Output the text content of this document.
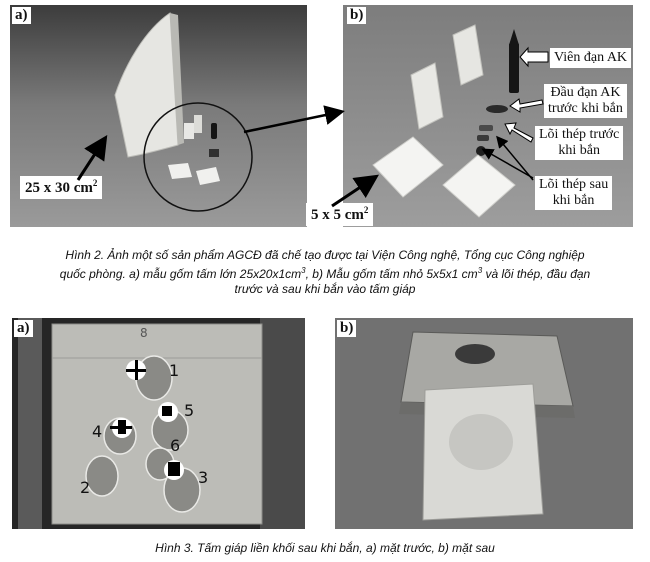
a)
25 x 30 $cm^2$
b)
Viên đạn AK
Đầu đạn AK
trước khi bắn
Lõi thép trước
khi bắn
Lõi thép sau
khi bắn
5 x 5 $cm^2$
Hình 2. Ảnh một số sản phẩm AGCĐ đã chế tạo được tại Viện Công nghệ, Tổng cục Công nghiệp
quốc phòng. a) mẫu gốm tấm lớn $25x20x1cm^3$, b) Mẫu gốm tấm nhỏ 5x5x1 $cm^3$ và lõi thép, đầu đạn
trước và sau khi bắn vào tấm giáp
1
5
4
6
2
3
8
a)	b)
Hình 3. Tấm giáp liền khối sau khi bắn, a) mặt trước, b) mặt sau
